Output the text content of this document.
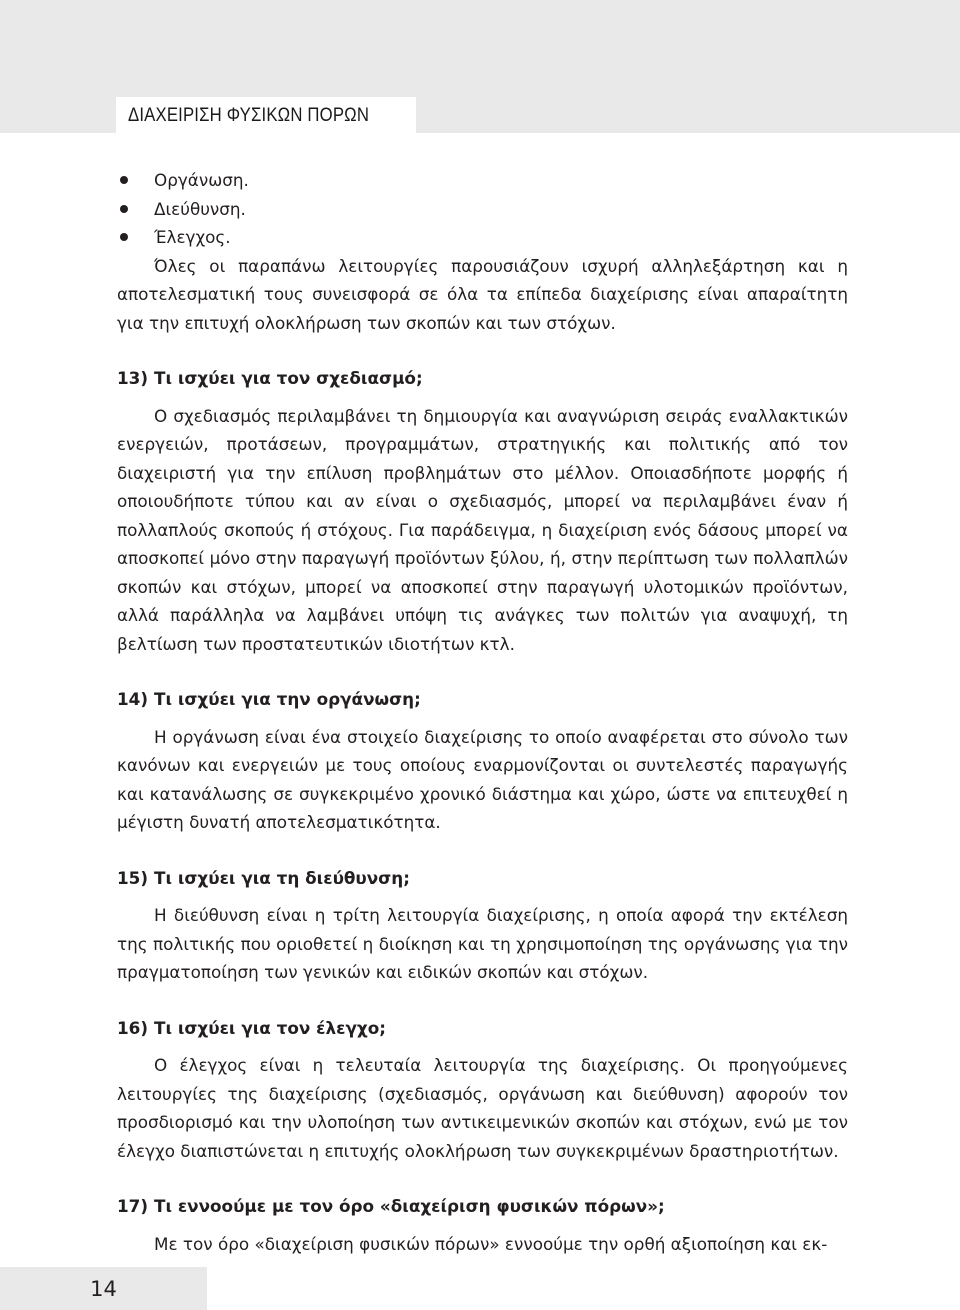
ΔΙΑΧΕΙΡΙΣΗ ΦΥΣΙΚΩΝ ΠΟΡΩΝ
Οργάνωση.
Διεύθυνση.
Έλεγχος.

Όλες οι παραπάνω λειτουργίες παρουσιάζουν ισχυρή αλληλεξάρτηση και η αποτελεσματική τους συνεισφορά σε όλα τα επίπεδα διαχείρισης είναι απαραίτητη για την επιτυχή ολοκλήρωση των σκοπών και των στόχων.

13) Τι ισχύει για τον σχεδιασμό;

Ο σχεδιασμός περιλαμβάνει τη δημιουργία και αναγνώριση σειράς εναλλακτικών ενεργειών, προτάσεων, προγραμμάτων, στρατηγικής και πολιτικής από τον διαχειριστή για την επίλυση προβλημάτων στο μέλλον. Οποιασδήποτε μορφής ή οποιουδήποτε τύπου και αν είναι ο σχεδιασμός, μπορεί να περιλαμβάνει έναν ή πολλαπλούς σκοπούς ή στόχους. Για παράδειγμα, η διαχείριση ενός δάσους μπορεί να αποσκοπεί μόνο στην παραγωγή προϊόντων ξύλου, ή, στην περίπτωση των πολλαπλών σκοπών και στόχων, μπορεί να αποσκοπεί στην παραγωγή υλοτομικών προϊόντων, αλλά παράλληλα να λαμβάνει υπόψη τις ανάγκες των πολιτών για αναψυχή, τη βελτίωση των προστατευτικών ιδιοτήτων κτλ.

14) Τι ισχύει για την οργάνωση;

Η οργάνωση είναι ένα στοιχείο διαχείρισης το οποίο αναφέρεται στο σύνολο των κανόνων και ενεργειών με τους οποίους εναρμονίζονται οι συντελεστές παραγωγής και κατανάλωσης σε συγκεκριμένο χρονικό διάστημα και χώρο, ώστε να επιτευχθεί η μέγιστη δυνατή αποτελεσματικότητα.

15) Τι ισχύει για τη διεύθυνση;

Η διεύθυνση είναι η τρίτη λειτουργία διαχείρισης, η οποία αφορά την εκτέλεση της πολιτικής που οριοθετεί η διοίκηση και τη χρησιμοποίηση της οργάνωσης για την πραγματοποίηση των γενικών και ειδικών σκοπών και στόχων.

16) Τι ισχύει για τον έλεγχο;

Ο έλεγχος είναι η τελευταία λειτουργία της διαχείρισης. Οι προηγούμενες λειτουργίες της διαχείρισης (σχεδιασμός, οργάνωση και διεύθυνση) αφορούν τον προσδιορισμό και την υλοποίηση των αντικειμενικών σκοπών και στόχων, ενώ με τον έλεγχο διαπιστώνεται η επιτυχής ολοκλήρωση των συγκεκριμένων δραστηριοτήτων.

17) Τι εννοούμε με τον όρο «διαχείριση φυσικών πόρων»;

Με τον όρο «διαχείριση φυσικών πόρων» εννοούμε την ορθή αξιοποίηση και εκ-

14
